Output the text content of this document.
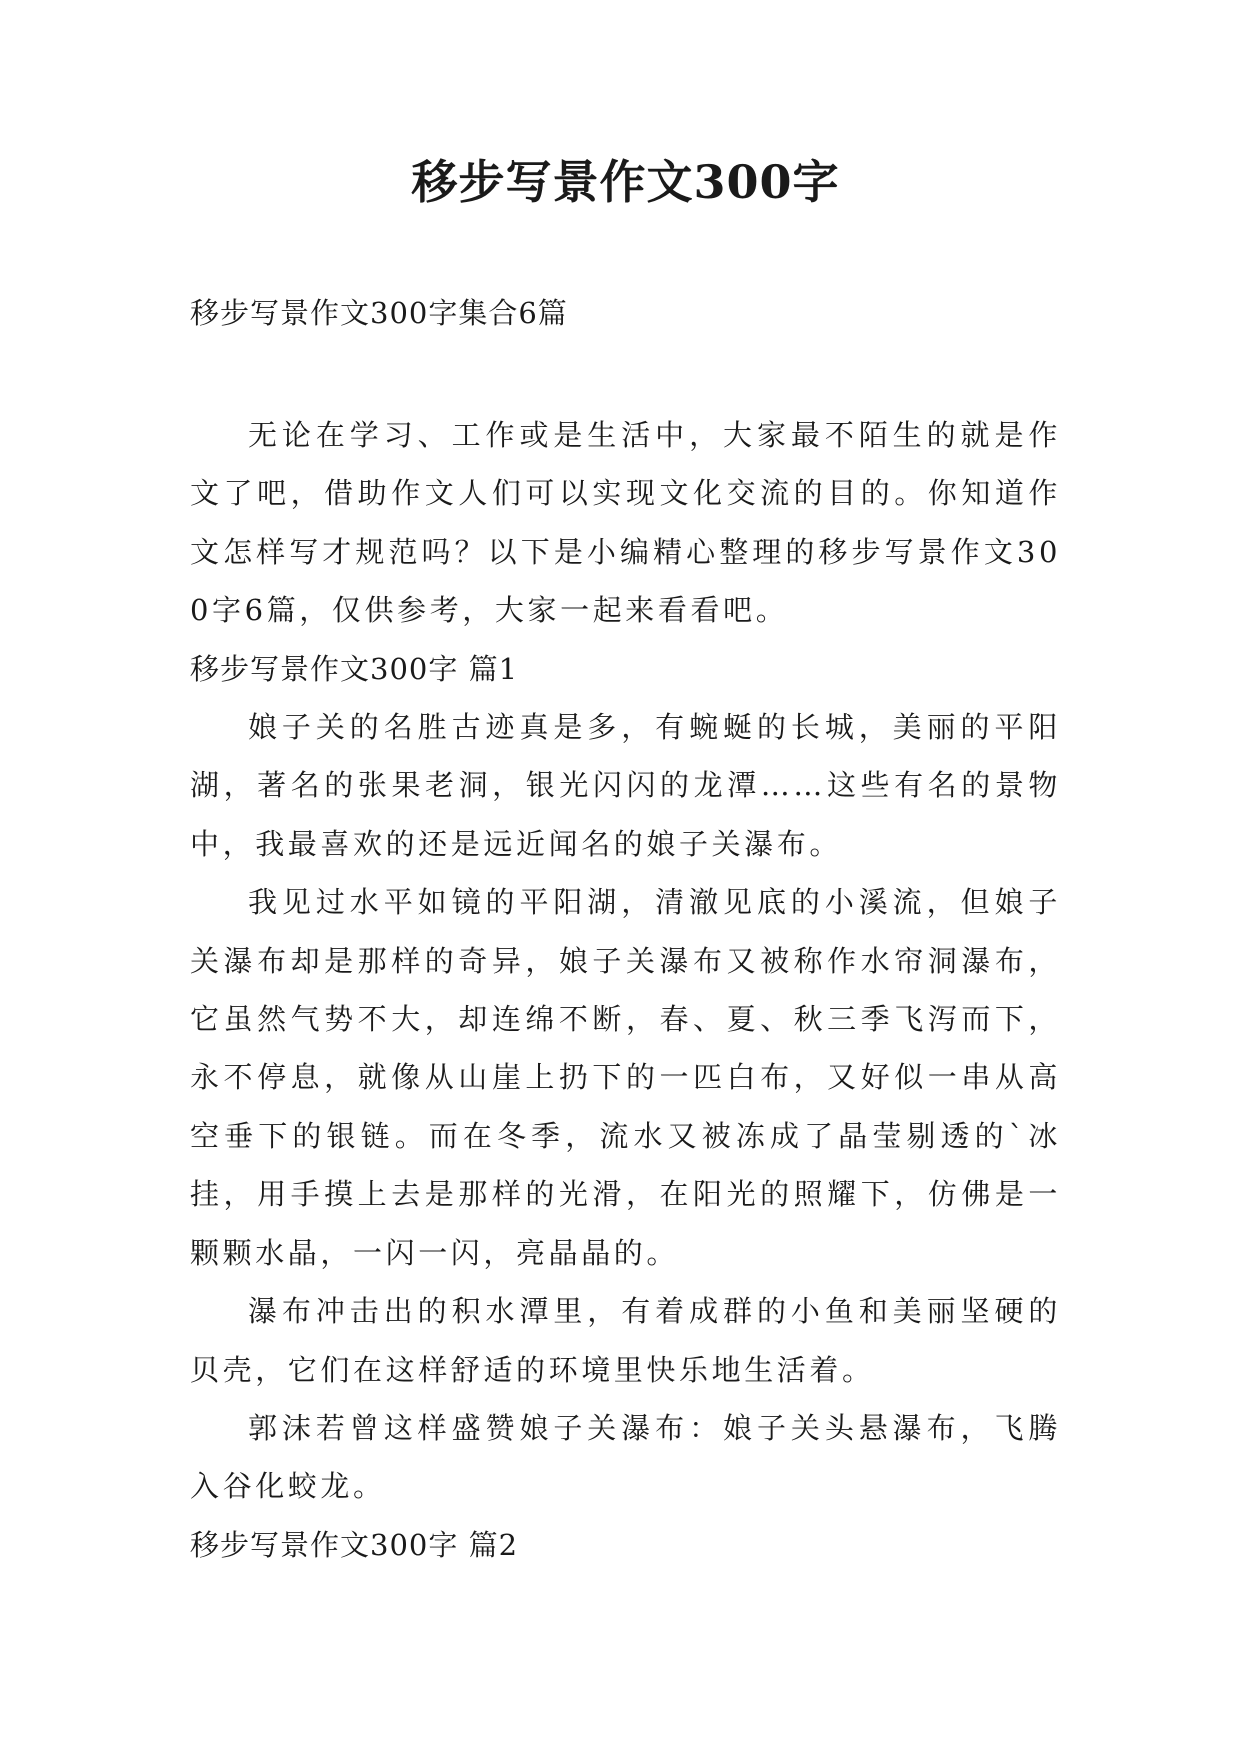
移步写景作文300字

移步写景作文300字集合6篇

无论在学习、工作或是生活中，大家最不陌生的就是作文了吧，借助作文人们可以实现文化交流的目的。你知道作文怎样写才规范吗？以下是小编精心整理的移步写景作文300字6篇，仅供参考，大家一起来看看吧。

移步写景作文300字 篇1

娘子关的名胜古迹真是多，有蜿蜒的长城，美丽的平阳湖，著名的张果老洞，银光闪闪的龙潭……这些有名的景物中，我最喜欢的还是远近闻名的娘子关瀑布。

我见过水平如镜的平阳湖，清澈见底的小溪流，但娘子关瀑布却是那样的奇异，娘子关瀑布又被称作水帘洞瀑布，它虽然气势不大，却连绵不断，春、夏、秋三季飞泻而下，永不停息，就像从山崖上扔下的一匹白布，又好似一串从高空垂下的银链。而在冬季，流水又被冻成了晶莹剔透的`冰挂，用手摸上去是那样的光滑，在阳光的照耀下，仿佛是一颗颗水晶，一闪一闪，亮晶晶的。

瀑布冲击出的积水潭里，有着成群的小鱼和美丽坚硬的贝壳，它们在这样舒适的环境里快乐地生活着。

郭沫若曾这样盛赞娘子关瀑布：娘子关头悬瀑布，飞腾入谷化蛟龙。

移步写景作文300字 篇2
